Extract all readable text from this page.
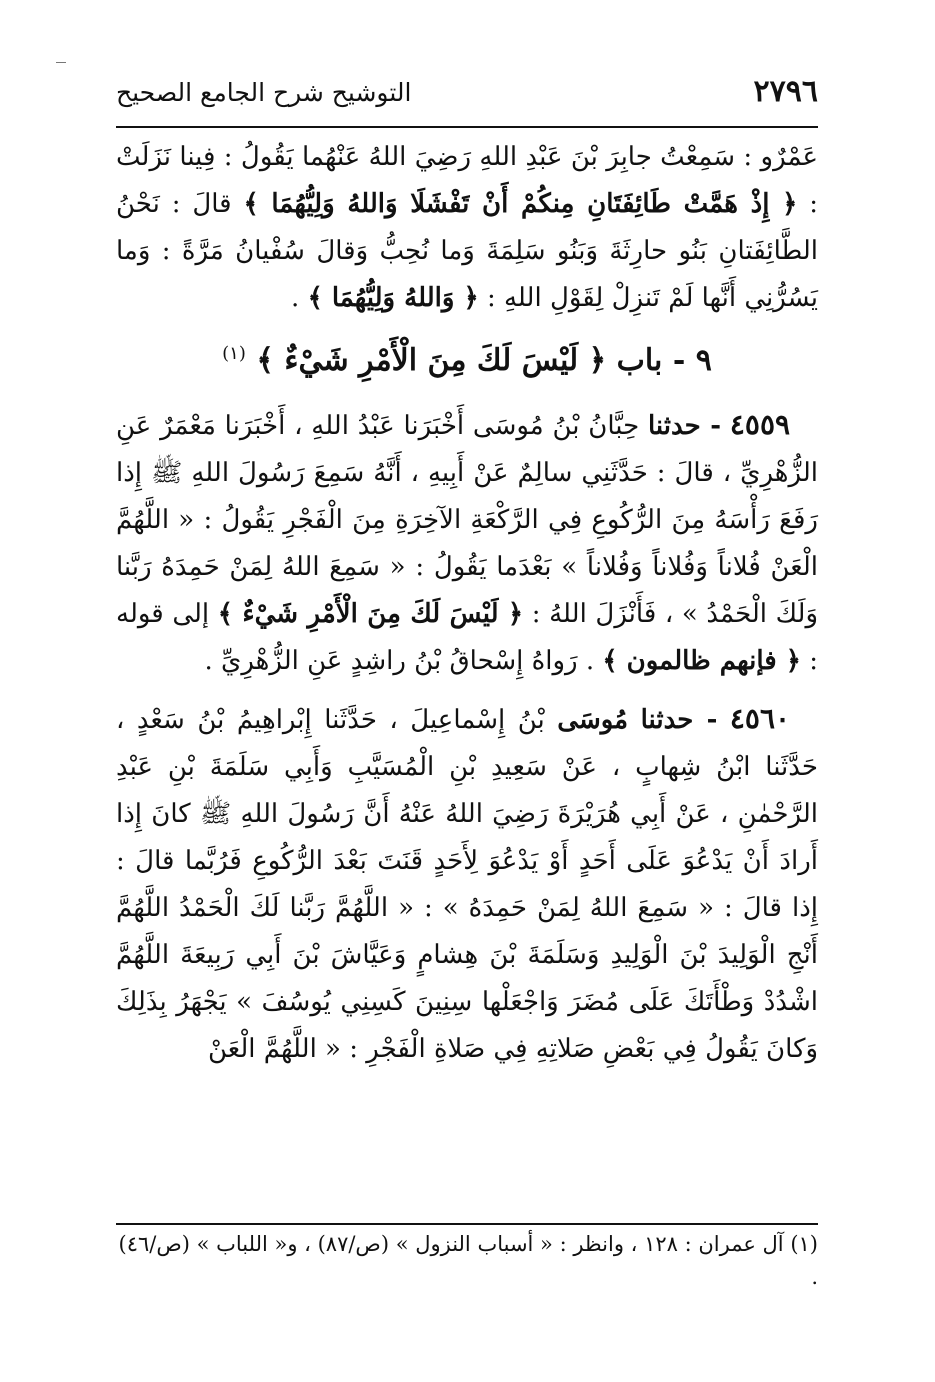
٢٧٩٦
التوشيح شرح الجامع الصحيح

عَمْرٌو : سَمِعْتُ جابِرَ بْنَ عَبْدِ اللهِ رَضِيَ اللهُ عَنْهُما يَقُولُ : فِينا نَزَلَتْ : ﴿ إِذْ هَمَّتْ طَائِفَتَانِ مِنكُمْ أَنْ تَفْشَلَا وَاللهُ وَلِيُّهُمَا ﴾ قالَ : نَحْنُ الطَّائِفَتانِ بَنُو حارِثَةَ وَبَنُو سَلِمَةَ وَما نُحِبُّ وَقالَ سُفْيانُ مَرَّةً : وَما يَسُرُّنِي أَنَّها لَمْ تَنزِلْ لِقَوْلِ اللهِ : ﴿ وَاللهُ وَلِيُّهُمَا ﴾ .

٩ - باب ﴿ لَيْسَ لَكَ مِنَ الْأَمْرِ شَيْءٌ ﴾ $^{(١)}$

٤٥٥٩ - حدثنا حِبَّانُ بْنُ مُوسَى أَخْبَرَنا عَبْدُ اللهِ ، أَخْبَرَنا مَعْمَرٌ عَنِ الزُّهْرِيِّ ، قالَ : حَدَّثَنِي سالِمٌ عَنْ أَبِيهِ ، أَنَّهُ سَمِعَ رَسُولَ اللهِ ﷺ إِذا رَفَعَ رَأْسَهُ مِنَ الرُّكُوعِ فِي الرَّكْعَةِ الآخِرَةِ مِنَ الْفَجْرِ يَقُولُ : « اللَّهُمَّ الْعَنْ فُلاناً وَفُلاناً وَفُلاناً » بَعْدَما يَقُولُ : « سَمِعَ اللهُ لِمَنْ حَمِدَهُ رَبَّنا وَلَكَ الْحَمْدُ » ، فَأَنْزَلَ اللهُ : ﴿ لَيْسَ لَكَ مِنَ الْأَمْرِ شَيْءٌ ﴾ إلى قوله : ﴿ فإنهم ظالمون ﴾ . رَواهُ إِسْحاقُ بْنُ راشِدٍ عَنِ الزُّهْرِيِّ .

٤٥٦٠ - حدثنا مُوسَى بْنُ إِسْماعِيلَ ، حَدَّثَنا إِبْراهِيمُ بْنُ سَعْدٍ ، حَدَّثَنا ابْنُ شِهابٍ ، عَنْ سَعِيدِ بْنِ الْمُسَيَّبِ وَأَبِي سَلَمَةَ بْنِ عَبْدِ الرَّحْمٰنِ ، عَنْ أَبِي هُرَيْرَةَ رَضِيَ اللهُ عَنْهُ أَنَّ رَسُولَ اللهِ ﷺ كانَ إِذا أَرادَ أَنْ يَدْعُوَ عَلَى أَحَدٍ أَوْ يَدْعُوَ لِأَحَدٍ قَنَتَ بَعْدَ الرُّكُوعِ فَرُبَّما قالَ : إِذا قالَ : « سَمِعَ اللهُ لِمَنْ حَمِدَهُ » : « اللَّهُمَّ رَبَّنا لَكَ الْحَمْدُ اللَّهُمَّ أَنْجِ الْوَلِيدَ بْنَ الْوَلِيدِ وَسَلَمَةَ بْنَ هِشامٍ وَعَيَّاشَ بْنَ أَبِي رَبِيعَةَ اللَّهُمَّ اشْدُدْ وَطْأَتَكَ عَلَى مُضَرَ وَاجْعَلْها سِنِينَ كَسِنِي يُوسُفَ » يَجْهَرُ بِذَلِكَ وَكانَ يَقُولُ فِي بَعْضِ صَلاتِهِ فِي صَلاةِ الْفَجْرِ : « اللَّهُمَّ الْعَنْ

(١) آل عمران : ١٢٨ ، وانظر : « أسباب النزول » (ص/٨٧) ، و« اللباب » (ص/٤٦) .
